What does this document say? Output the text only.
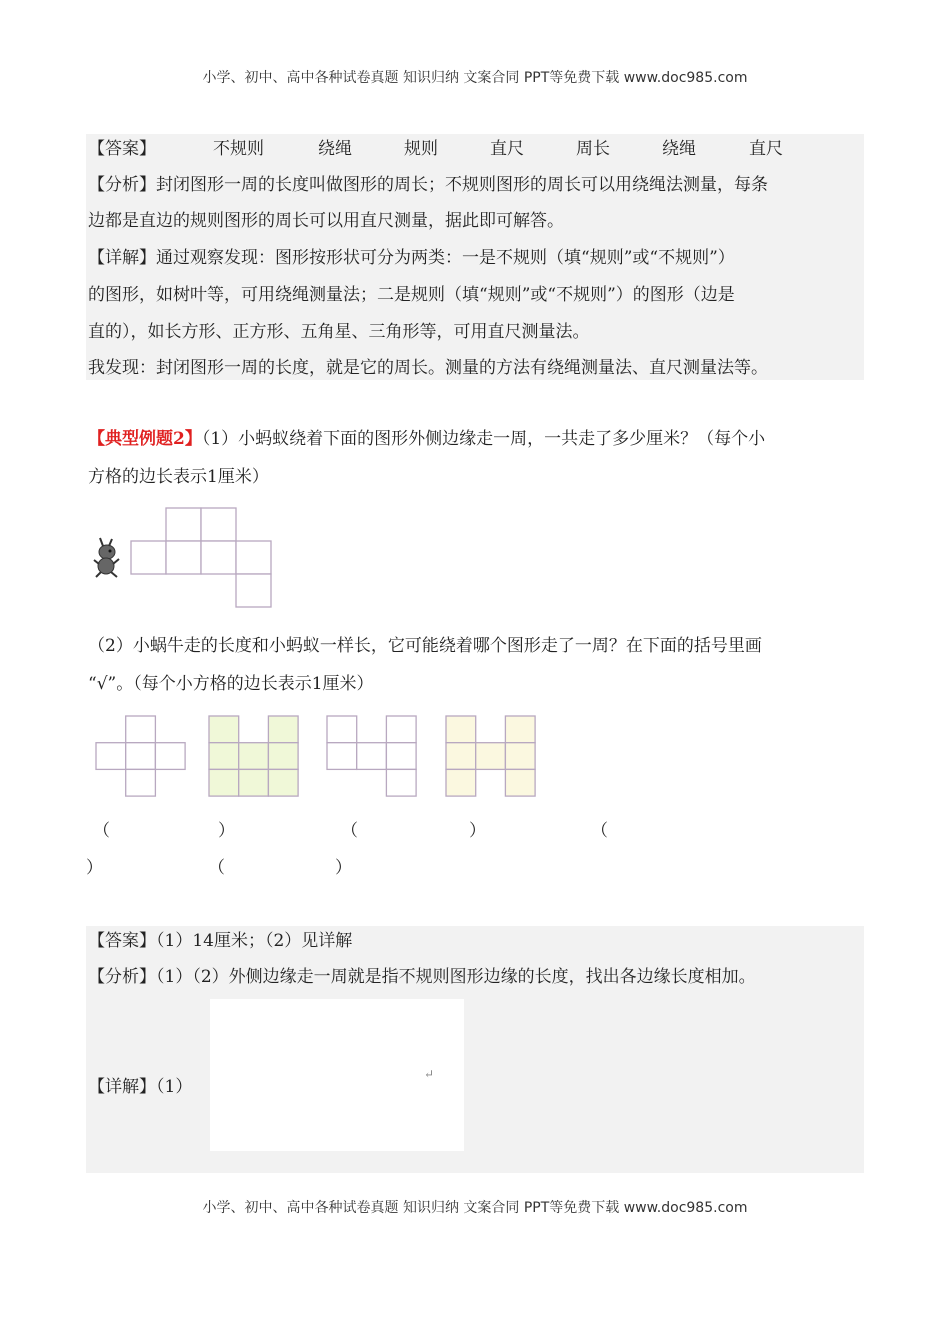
小学、初中、高中各种试卷真题 知识归纳 文案合同 PPT等免费下载 www.doc985.com
【答案】	不规则	绕绳	规则	直尺	周长	绕绳	直尺
【分析】封闭图形一周的长度叫做图形的周长；不规则图形的周长可以用绕绳法测量，每条
边都是直边的规则图形的周长可以用直尺测量，据此即可解答。
【详解】通过观察发现：图形按形状可分为两类：一是不规则（填“规则”或“不规则”）
的图形，如树叶等，可用绕绳测量法；二是规则（填“规则”或“不规则”）的图形（边是
直的），如长方形、正方形、五角星、三角形等，可用直尺测量法。
我发现：封闭图形一周的长度，就是它的周长。测量的方法有绕绳测量法、直尺测量法等。
【典型例题2】（1）小蚂蚁绕着下面的图形外侧边缘走一周，一共走了多少厘米？（每个小
方格的边长表示1厘米）
（2）小蜗牛走的长度和小蚂蚁一样长，它可能绕着哪个图形走了一周？在下面的括号里画
“√”。（每个小方格的边长表示1厘米）
（	）	（	）	（
）	（	）
【答案】（1）14厘米；（2）见详解
【分析】（1）（2）外侧边缘走一周就是指不规则图形边缘的长度，找出各边缘长度相加。
【详解】（1）
↵
小学、初中、高中各种试卷真题 知识归纳 文案合同 PPT等免费下载 www.doc985.com
